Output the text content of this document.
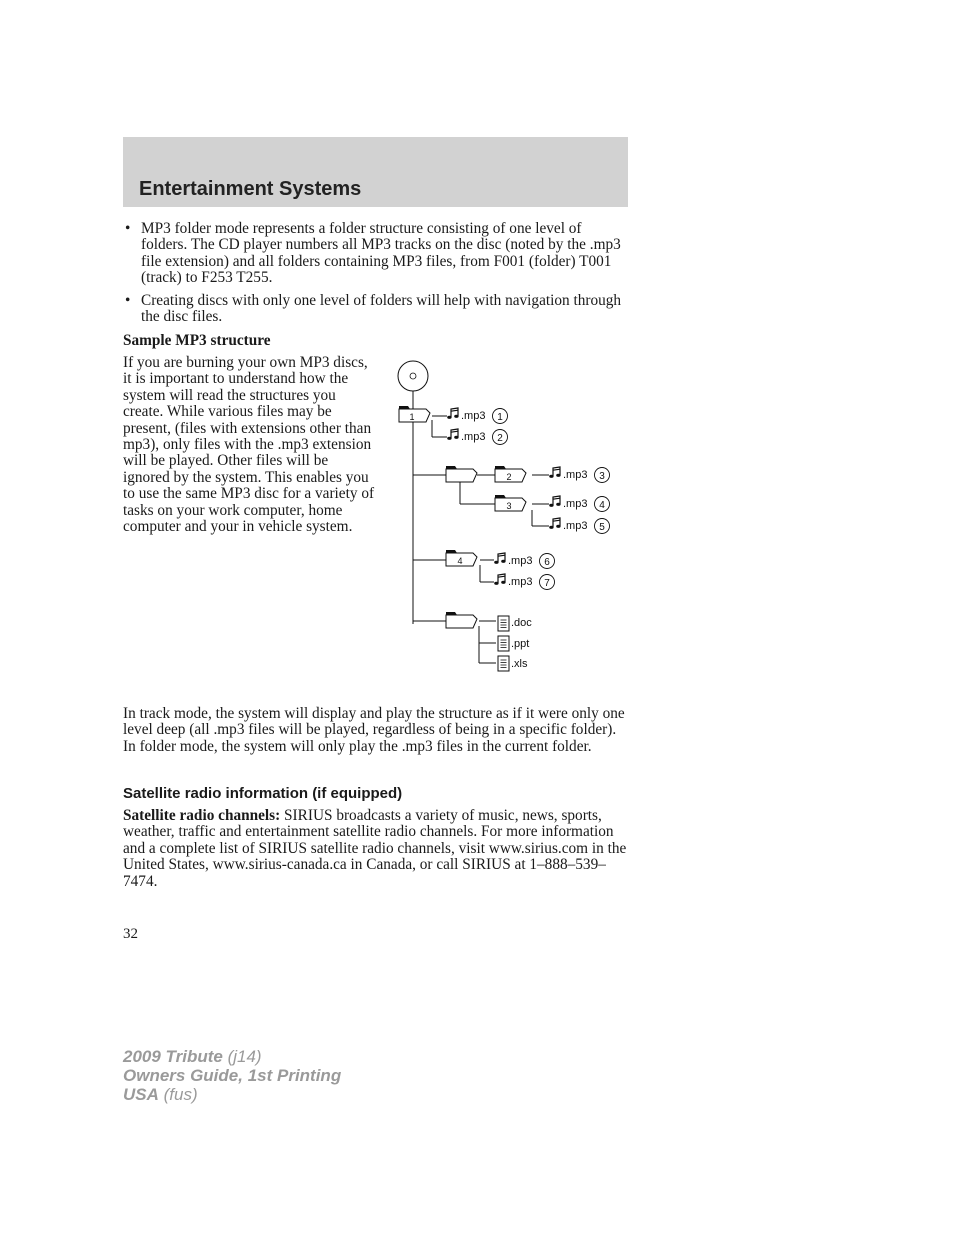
Entertainment Systems
• MP3 folder mode represents a folder structure consisting of one level of folders. The CD player numbers all MP3 tracks on the disc (noted by the .mp3 file extension) and all folders containing MP3 files, from F001 (folder) T001 (track) to F253 T255.
• Creating discs with only one level of folders will help with navigation through the disc files.
Sample MP3 structure

If you are burning your own MP3 discs, it is important to understand how the system will read the structures you create. While various files may be present, (files with extensions other than mp3), only files with the .mp3 extension will be played. Other files will be ignored by the system. This enables you to use the same MP3 disc for a variety of tasks on your work computer, home computer and your in vehicle system.

1
2
3
4
.mp3 1
.mp3 2
.mp3 3
.mp3 4
.mp3 5
.mp3 6
.mp3 7
.doc
.ppt
.xls

In track mode, the system will display and play the structure as if it were only one level deep (all .mp3 files will be played, regardless of being in a specific folder). In folder mode, the system will only play the .mp3 files in the current folder.

Satellite radio information (if equipped)

Satellite radio channels: SIRIUS broadcasts a variety of music, news, sports, weather, traffic and entertainment satellite radio channels. For more information and a complete list of SIRIUS satellite radio channels, visit www.sirius.com in the United States, www.sirius-canada.ca in Canada, or call SIRIUS at 1–888–539–7474.

32

2009 Tribute (j14)
Owners Guide, 1st Printing
USA (fus)
